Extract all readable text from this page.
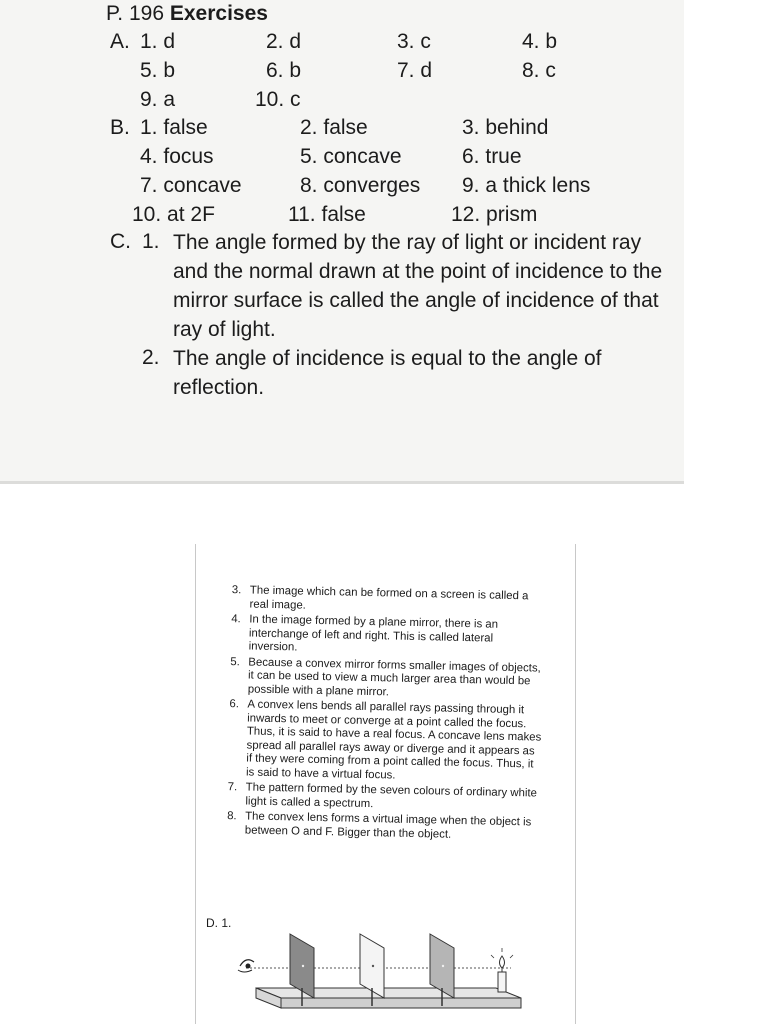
P. 196 Exercises
A. 1. d	2. d	3. c	4. b
5. b	6. b	7. d	8. c
9. a	10. c
B. 1. false	2. false	3. behind
4. focus	5. concave	6. true
7. concave	8. converges 9. a thick lens
10. at 2F	11. false	12. prism
C. 1. The angle formed by the ray of light or incident ray and the normal drawn at the point of incidence to the mirror surface is called the angle of incidence of that ray of light.
2. The angle of incidence is equal to the angle of reflection.
3. The image which can be formed on a screen is called a real image.
4. In the image formed by a plane mirror, there is an interchange of left and right. This is called lateral inversion.
5. Because a convex mirror forms smaller images of objects, it can be used to view a much larger area than would be possible with a plane mirror.
6. A convex lens bends all parallel rays passing through it inwards to meet or converge at a point called the focus. Thus, it is said to have a real focus. A concave lens makes spread all parallel rays away or diverge and it appears as if they were coming from a point called the focus. Thus, it is said to have a virtual focus.
7. The pattern formed by the seven colours of ordinary white light is called a spectrum.
8. The convex lens forms a virtual image when the object is between O and F. Bigger than the object.
D. 1.
